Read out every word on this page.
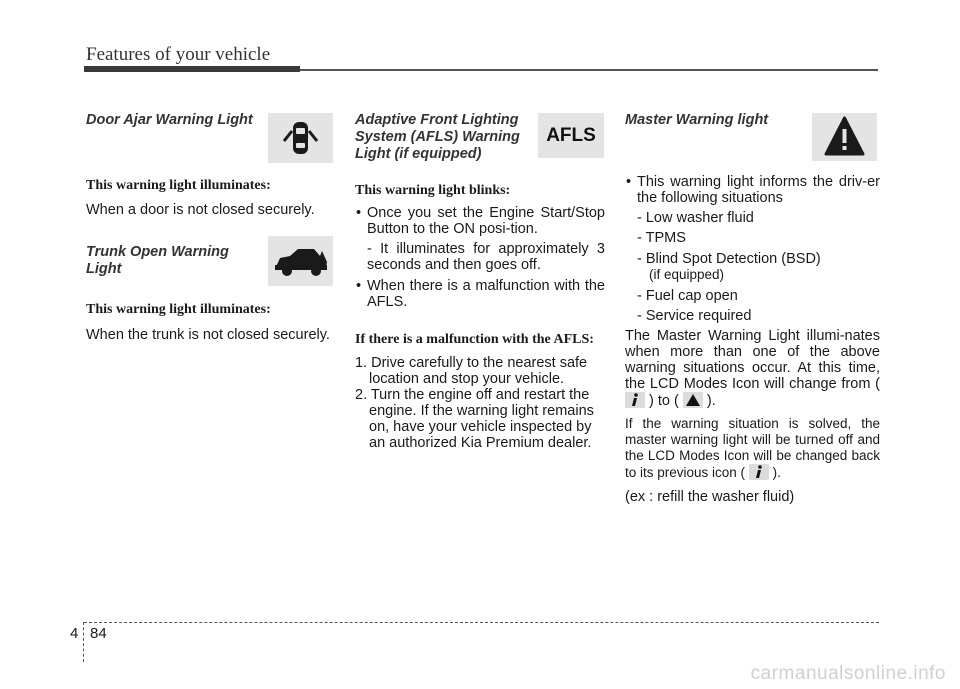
Features of your vehicle

Door Ajar Warning Light

This warning light illuminates:

When a door is not closed securely.

Trunk Open Warning
Light

This warning light illuminates:

When the trunk is not closed securely.

Adaptive Front Lighting
System (AFLS) Warning
Light (if equipped)

This warning light blinks:

• Once you set the Engine Start/Stop Button to the ON posi-tion.
- It illuminates for approximately 3 seconds and then goes off.
• When there is a malfunction with the AFLS.

If there is a malfunction with the AFLS:

1. Drive carefully to the nearest safe location and stop your vehicle.
2. Turn the engine off and restart the engine. If the warning light remains on, have your vehicle inspected by an authorized Kia Premium dealer.
AFLS

Master Warning light

• This warning light informs the driv-er the following situations
- Low washer fluid
- TPMS
- Blind Spot Detection (BSD)
(if equipped)
- Fuel cap open
- Service required

The Master Warning Light illumi-nates when more than one of the above warning situations occur. At this time, the LCD Modes Icon will change from (  ) to ( ).

If the warning situation is solved, the master warning light will be turned off and the LCD Modes Icon will be changed back to its previous icon ( ).

(ex : refill the washer fluid)

4 84
carmanualsonline.info
